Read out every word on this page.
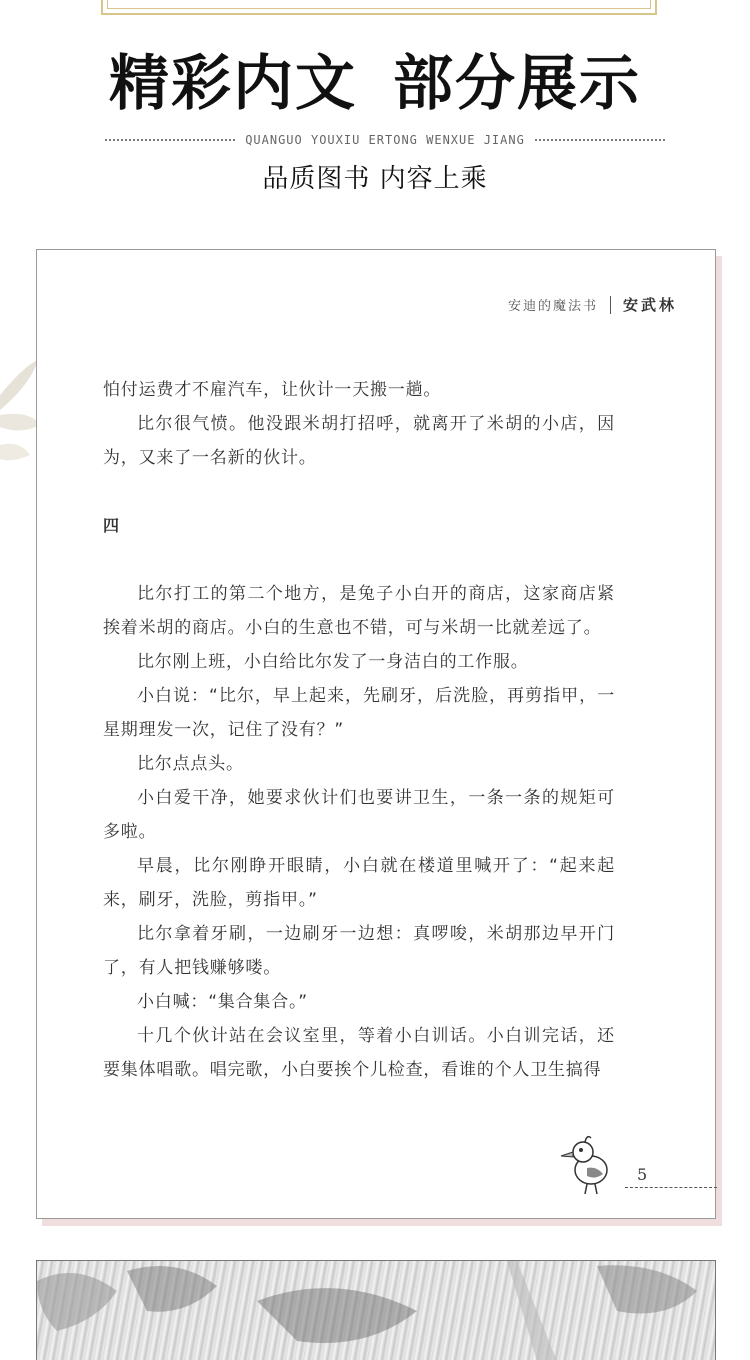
精彩内文 部分展示
QUANGUO YOUXIU ERTONG WENXUE JIANG
品质图书 内容上乘
安迪的魔法书 安武林

怕付运费才不雇汽车，让伙计一天搬一趟。

比尔很气愤。他没跟米胡打招呼，就离开了米胡的小店，因为，又来了一名新的伙计。

四

比尔打工的第二个地方，是兔子小白开的商店，这家商店紧挨着米胡的商店。小白的生意也不错，可与米胡一比就差远了。

比尔刚上班，小白给比尔发了一身洁白的工作服。

小白说：“比尔，早上起来，先刷牙，后洗脸，再剪指甲，一星期理发一次，记住了没有？”

比尔点点头。

小白爱干净，她要求伙计们也要讲卫生，一条一条的规矩可多啦。

早晨，比尔刚睁开眼睛，小白就在楼道里喊开了：“起来起来，刷牙，洗脸，剪指甲。”

比尔拿着牙刷，一边刷牙一边想：真啰唆，米胡那边早开门了，有人把钱赚够喽。

小白喊：“集合集合。”

十几个伙计站在会议室里，等着小白训话。小白训完话，还要集体唱歌。唱完歌，小白要挨个儿检查，看谁的个人卫生搞得

5
